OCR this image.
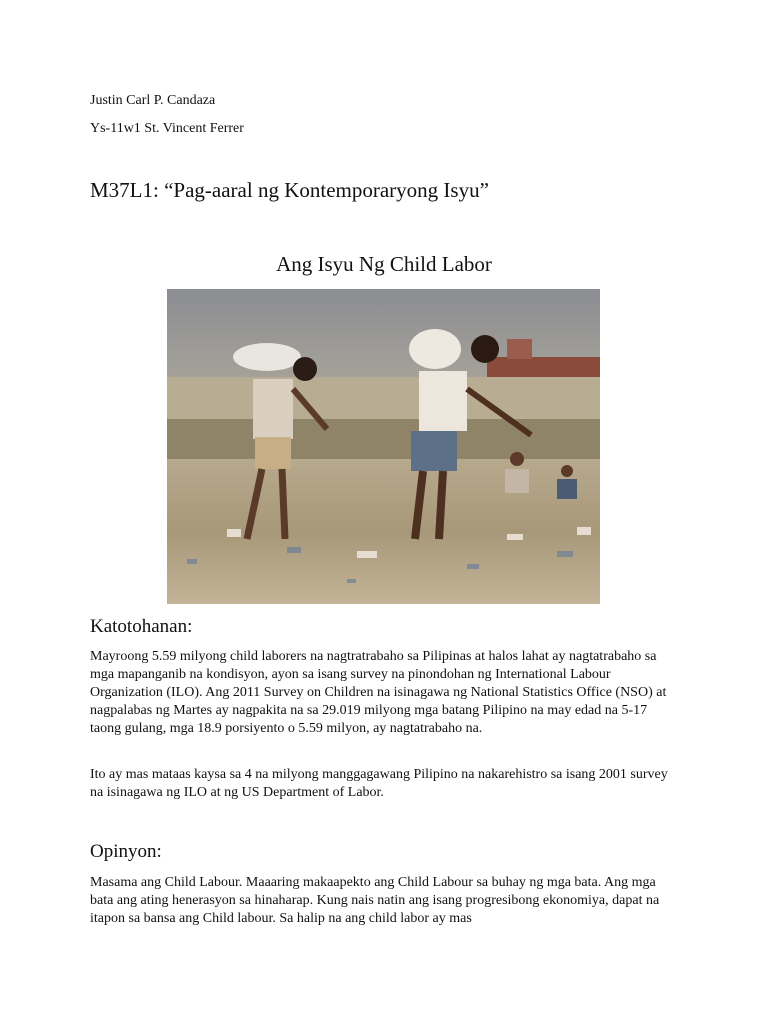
Justin Carl P. Candaza
Ys-11w1 St. Vincent Ferrer
M37L1: “Pag-aaral ng Kontemporaryong Isyu”
Ang Isyu Ng Child Labor
Katotohanan:
Mayroong 5.59 milyong child laborers na nagtratrabaho sa Pilipinas at halos lahat ay nagtatrabaho sa mga mapanganib na kondisyon, ayon sa isang survey na pinondohan ng International Labour Organization (ILO). Ang 2011 Survey on Children na isinagawa ng National Statistics Office (NSO) at nagpalabas ng Martes ay nagpakita na sa 29.019 milyong mga batang Pilipino na may edad na 5-17 taong gulang, mga 18.9 porsiyento o 5.59 milyon, ay nagtatrabaho na.
Ito ay mas mataas kaysa sa 4 na milyong manggagawang Pilipino na nakarehistro sa isang 2001 survey na isinagawa ng ILO at ng US Department of Labor.
Opinyon:
Masama ang Child Labour. Maaaring makaapekto ang Child Labour sa buhay ng mga bata. Ang mga bata ang ating henerasyon sa hinaharap. Kung nais natin ang isang progresibong ekonomiya, dapat na itapon sa bansa ang Child labour. Sa halip na ang child labor ay mas
